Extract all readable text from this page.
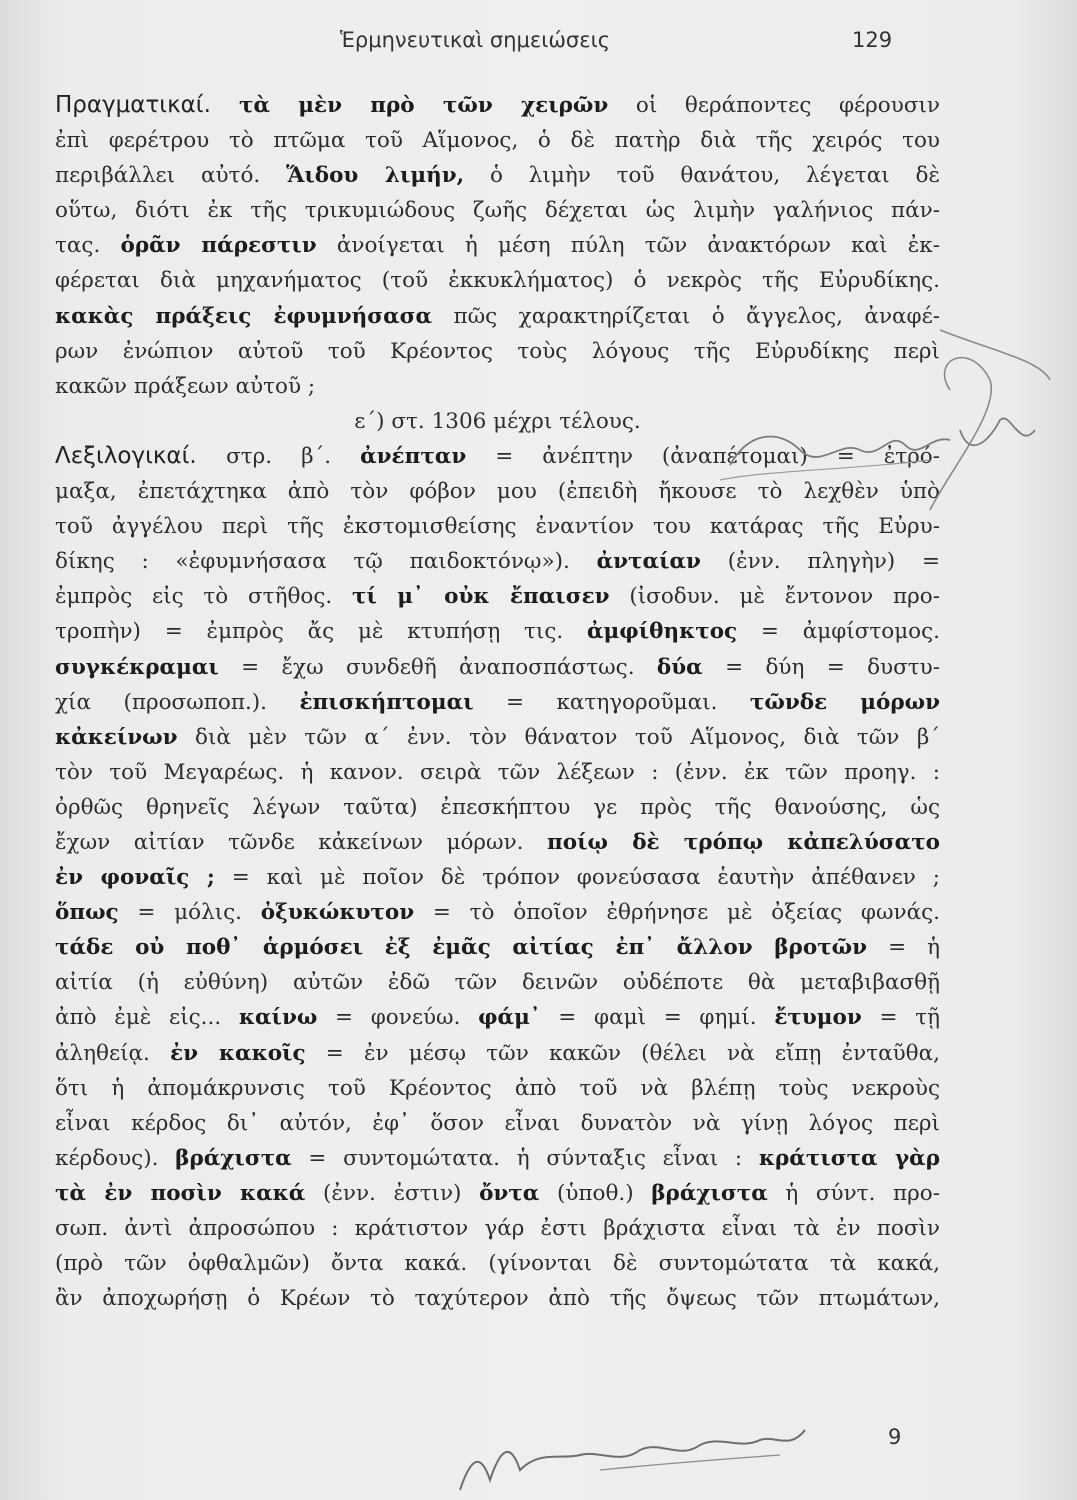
Ἑρμηνευτικαὶ σημειώσεις	129
Πραγματικαί. τὰ μὲν πρὸ τῶν χειρῶν οἱ θεράποντες φέρουσιν
ἐπὶ φερέτρου τὸ πτῶμα τοῦ Αἵμονος, ὁ δὲ πατὴρ διὰ τῆς χειρός του
περιβάλλει αὐτό. Ἅιδου λιμήν, ὁ λιμὴν τοῦ θανάτου, λέγεται δὲ
οὕτω, διότι ἐκ τῆς τρικυμιώδους ζωῆς δέχεται ὡς λιμὴν γαλήνιος πάν-
τας. ὁρᾶν πάρεστιν ἀνοίγεται ἡ μέση πύλη τῶν ἀνακτόρων καὶ ἐκ-
φέρεται διὰ μηχανήματος (τοῦ ἐκκυκλήματος) ὁ νεκρὸς τῆς Εὐρυδίκης.
κακὰς πράξεις ἐφυμνήσασα πῶς χαρακτηρίζεται ὁ ἄγγελος, ἀναφέ-
ρων ἐνώπιον αὐτοῦ τοῦ Κρέοντος τοὺς λόγους τῆς Εὐρυδίκης περὶ
κακῶν πράξεων αὐτοῦ ;
ε΄) στ. 1306 μέχρι τέλους.
Λεξιλογικαί. στρ. β΄. ἀνέπταν = ἀνέπτην (ἀναπέτομαι) = ἐτρό-
μαξα, ἐπετάχτηκα ἀπὸ τὸν φόβον μου (ἐπειδὴ ἤκουσε τὸ λεχθὲν ὑπὸ
τοῦ ἀγγέλου περὶ τῆς ἐκστομισθείσης ἐναντίον του κατάρας τῆς Εὐρυ-
δίκης : «ἐφυμνήσασα τῷ παιδοκτόνῳ»). ἀνταίαν (ἐνν. πληγὴν) =
ἐμπρὸς εἰς τὸ στῆθος. τί μ᾽ οὐκ ἔπαισεν (ἰσοδυν. μὲ ἔντονον προ-
τροπὴν) = ἐμπρὸς ἄς μὲ κτυπήσῃ τις. ἀμφίθηκτος = ἀμφίστομος.
συγκέκραμαι = ἔχω συνδεθῆ ἀναποσπάστως. δύα = δύη = δυστυ-
χία (προσωποπ.). ἐπισκήπτομαι = κατηγοροῦμαι. τῶνδε μόρων
κἀκείνων διὰ μὲν τῶν α΄ ἐνν. τὸν θάνατον τοῦ Αἵμονος, διὰ τῶν β΄
τὸν τοῦ Μεγαρέως. ἡ κανον. σειρὰ τῶν λέξεων : (ἐνν. ἐκ τῶν προηγ. :
ὀρθῶς θρηνεῖς λέγων ταῦτα) ἐπεσκήπτου γε πρὸς τῆς θανούσης, ὡς
ἔχων αἰτίαν τῶνδε κἀκείνων μόρων. ποίῳ δὲ τρόπῳ κἀπελύσατο
ἐν φοναῖς ; = καὶ μὲ ποῖον δὲ τρόπον φονεύσασα ἑαυτὴν ἀπέθανεν ;
ὅπως = μόλις. ὀξυκώκυτον = τὸ ὁποῖον ἐθρήνησε μὲ ὀξείας φωνάς.
τάδε οὐ ποθ᾽ ἁρμόσει ἐξ ἐμᾶς αἰτίας ἐπ᾽ ἄλλον βροτῶν = ἡ
αἰτία (ἡ εὐθύνη) αὐτῶν ἐδῶ τῶν δεινῶν οὐδέποτε θὰ μεταβιβασθῇ
ἀπὸ ἐμὲ εἰς... καίνω = φονεύω. φάμ᾽ = φαμὶ = φημί. ἔτυμον = τῇ
ἀληθείᾳ. ἐν κακοῖς = ἐν μέσῳ τῶν κακῶν (θέλει νὰ εἴπῃ ἐνταῦθα,
ὅτι ἡ ἀπομάκρυνσις τοῦ Κρέοντος ἀπὸ τοῦ νὰ βλέπῃ τοὺς νεκροὺς
εἶναι κέρδος δι᾽ αὐτόν, ἐφ᾽ ὅσον εἶναι δυνατὸν νὰ γίνῃ λόγος περὶ
κέρδους). βράχιστα = συντομώτατα. ἡ σύνταξις εἶναι : κράτιστα γὰρ
τὰ ἐν ποσὶν κακά (ἐνν. ἐστιν) ὄντα (ὑποθ.) βράχιστα ἡ σύντ. προ-
σωπ. ἀντὶ ἀπροσώπου : κράτιστον γάρ ἐστι βράχιστα εἶναι τὰ ἐν ποσὶν
(πρὸ τῶν ὀφθαλμῶν) ὄντα κακά. (γίνονται δὲ συντομώτατα τὰ κακά,
ἂν ἀποχωρήσῃ ὁ Κρέων τὸ ταχύτερον ἀπὸ τῆς ὄψεως τῶν πτωμάτων,
9
